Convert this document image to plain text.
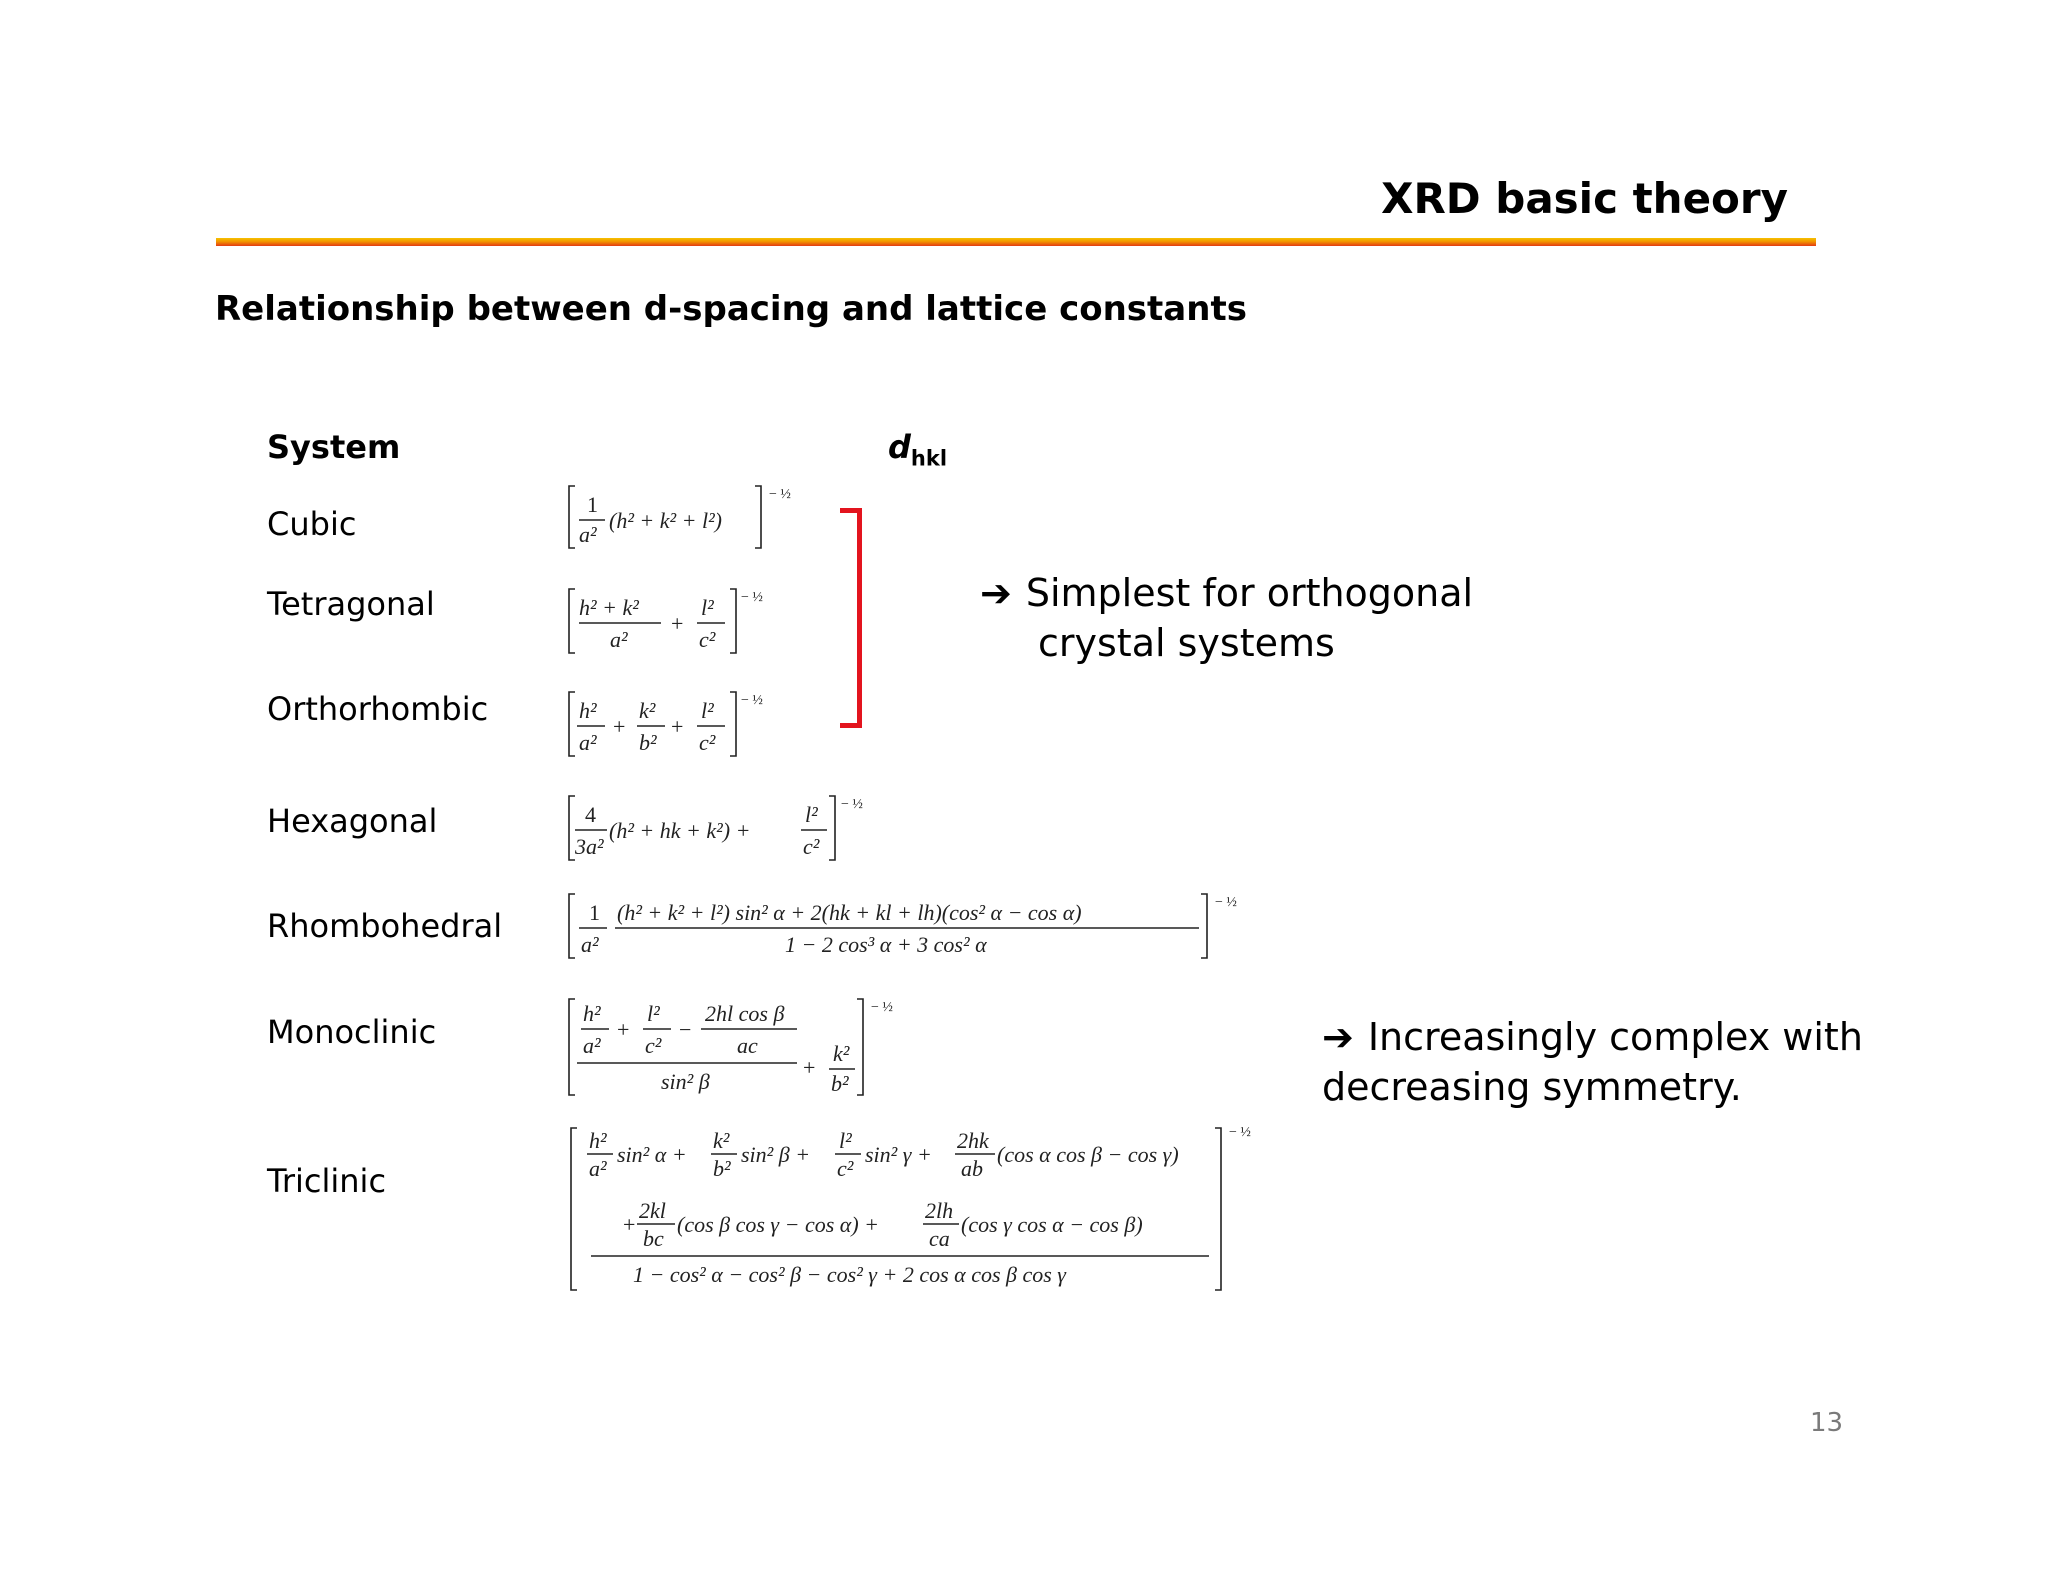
XRD basic theory
Relationship between d-spacing and lattice constants
System	$d_{hkl}$
Cubic
Tetragonal
Orthorhombic
Hexagonal
Rhombohedral
Monoclinic
Triclinic
1
a²
(h² + k² + l²)
− ½
h² + k²
a²
+
l²
c²
− ½
h²
a²
+
k²
b²
+
l²
c²
− ½
4
3a²
(h² + hk + k²) +
l²
c²
− ½
1
a²
(h² + k² + l²) sin² α + 2(hk + kl + lh)(cos² α − cos α)
1 − 2 cos³ α + 3 cos² α
− ½
h²
a²
+
l²
c²
−
2hl cos β
ac
sin² β
+
k²
b²
− ½
h²
a²
sin² α +
k²
b²
sin² β +
l²
c²
sin² γ +
2hk
ab
(cos α cos β − cos γ)
+
2kl
bc
(cos β cos γ − cos α) +
2lh
ca
(cos γ cos α − cos β)
1 − cos² α − cos² β − cos² γ + 2 cos α cos β cos γ
− ½
➔ Simplest for orthogonal
crystal systems
➔ Increasingly complex with
decreasing symmetry.
13
